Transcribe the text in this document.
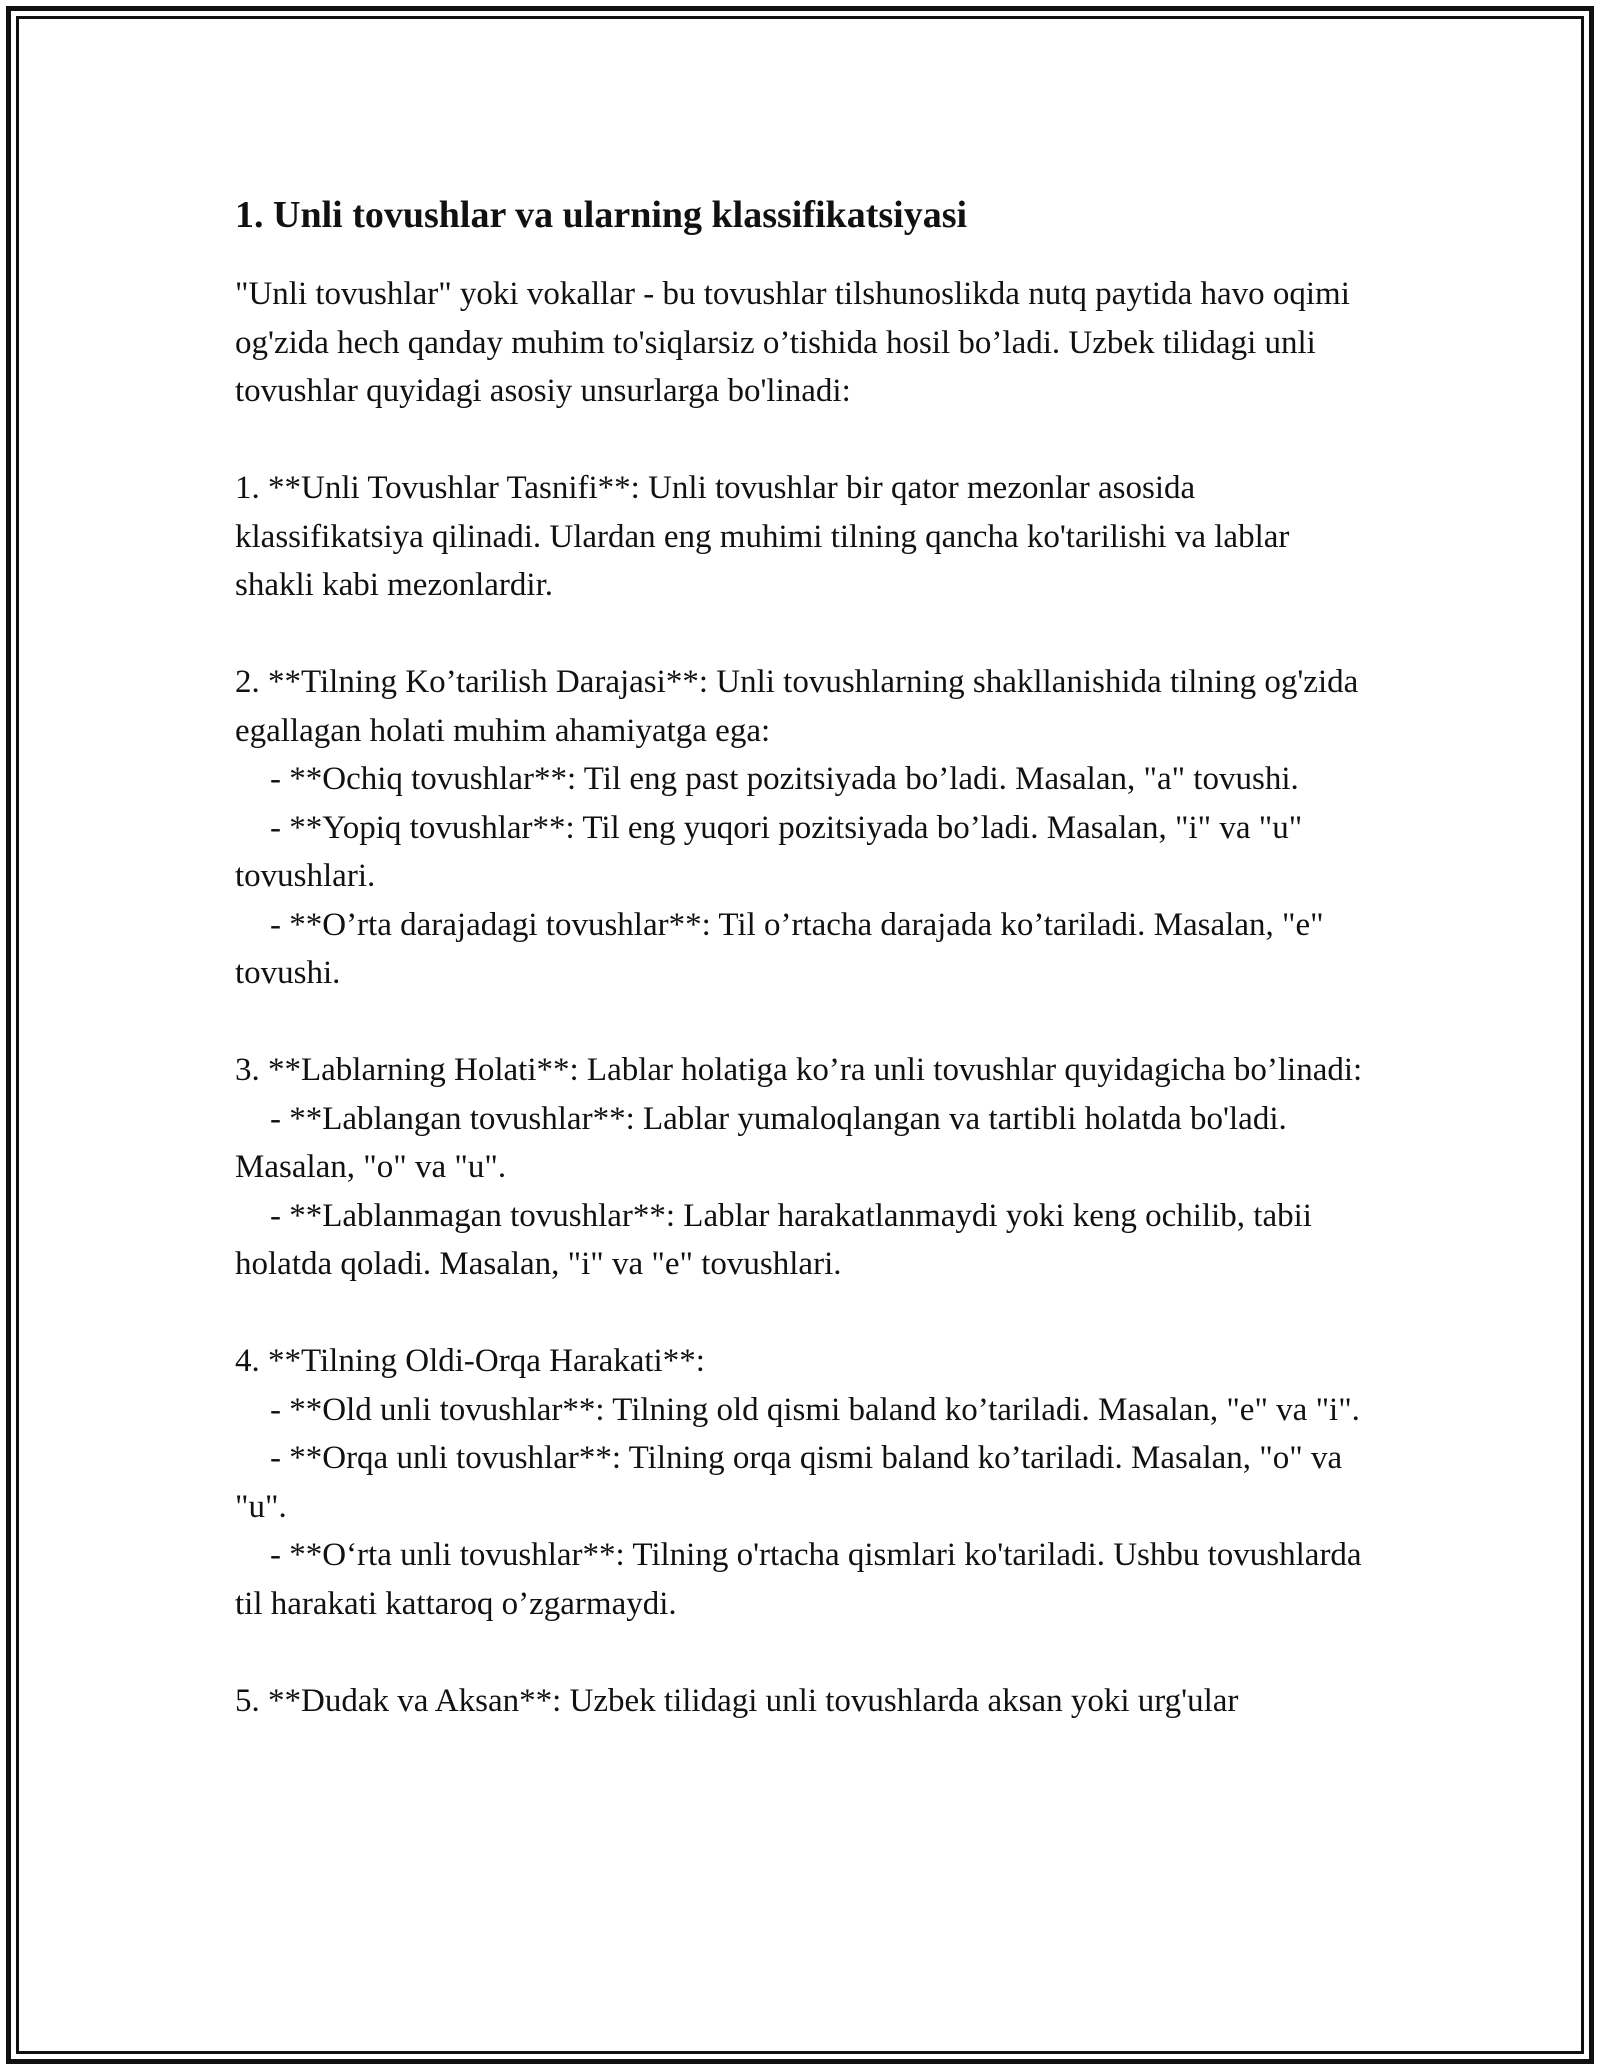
1. Unli tovushlar va ularning klassifikatsiyasi

"Unli tovushlar" yoki vokallar - bu tovushlar tilshunoslikda nutq paytida havo oqimi og'zida hech qanday muhim to'siqlarsiz o’tishida hosil bo’ladi. Uzbek tilidagi unli tovushlar quyidagi asosiy unsurlarga bo'linadi:

1. **Unli Tovushlar Tasnifi**: Unli tovushlar bir qator mezonlar asosida klassifikatsiya qilinadi. Ulardan eng muhimi tilning qancha ko'tarilishi va lablar shakli kabi mezonlardir.

2. **Tilning Ko’tarilish Darajasi**: Unli tovushlarning shakllanishida tilning og'zida egallagan holati muhim ahamiyatga ega:

- **Ochiq tovushlar**: Til eng past pozitsiyada bo’ladi. Masalan, "a" tovushi.

- **Yopiq tovushlar**: Til eng yuqori pozitsiyada bo’ladi. Masalan, "i" va "u" tovushlari.

- **O’rta darajadagi tovushlar**: Til o’rtacha darajada ko’tariladi. Masalan, "e" tovushi.

3. **Lablarning Holati**: Lablar holatiga ko’ra unli tovushlar quyidagicha bo’linadi:

- **Lablangan tovushlar**: Lablar yumaloqlangan va tartibli holatda bo'ladi. Masalan, "o" va "u".

- **Lablanmagan tovushlar**: Lablar harakatlanmaydi yoki keng ochilib, tabii holatda qoladi. Masalan, "i" va "e" tovushlari.

4. **Tilning Oldi-Orqa Harakati**:

- **Old unli tovushlar**: Tilning old qismi baland ko’tariladi. Masalan, "e" va "i".

- **Orqa unli tovushlar**: Tilning orqa qismi baland ko’tariladi. Masalan, "o" va "u".

- **O‘rta unli tovushlar**: Tilning o'rtacha qismlari ko'tariladi. Ushbu tovushlarda til harakati kattaroq o’zgarmaydi.

5. **Dudak va Aksan**: Uzbek tilidagi unli tovushlarda aksan yoki urg'ular
